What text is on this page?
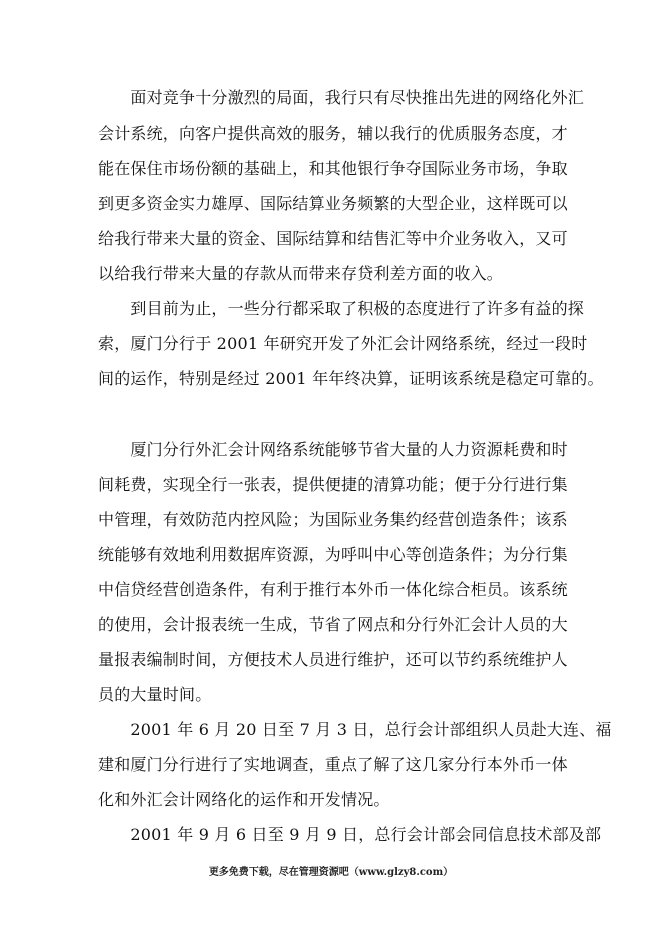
　　面对竞争十分激烈的局面，我行只有尽快推出先进的网络化外汇
会计系统，向客户提供高效的服务，辅以我行的优质服务态度，才
能在保住市场份额的基础上，和其他银行争夺国际业务市场，争取
到更多资金实力雄厚、国际结算业务频繁的大型企业，这样既可以
给我行带来大量的资金、国际结算和结售汇等中介业务收入，又可
以给我行带来大量的存款从而带来存贷利差方面的收入。
　　到目前为止，一些分行都采取了积极的态度进行了许多有益的探
索，厦门分行于 2001 年研究开发了外汇会计网络系统，经过一段时
间的运作，特别是经过 2001 年年终决算，证明该系统是稳定可靠的。
　　厦门分行外汇会计网络系统能够节省大量的人力资源耗费和时
间耗费，实现全行一张表，提供便捷的清算功能；便于分行进行集
中管理，有效防范内控风险；为国际业务集约经营创造条件；该系
统能够有效地利用数据库资源，为呼叫中心等创造条件；为分行集
中信贷经营创造条件，有利于推行本外币一体化综合柜员。该系统
的使用，会计报表统一生成，节省了网点和分行外汇会计人员的大
量报表编制时间，方便技术人员进行维护，还可以节约系统维护人
员的大量时间。
　　2001 年 6 月 20 日至 7 月 3 日，总行会计部组织人员赴大连、福
建和厦门分行进行了实地调查，重点了解了这几家分行本外币一体
化和外汇会计网络化的运作和开发情况。
　　2001 年 9 月 6 日至 9 月 9 日，总行会计部会同信息技术部及部
更多免费下载，尽在管理资源吧（www.glzy8.com）
